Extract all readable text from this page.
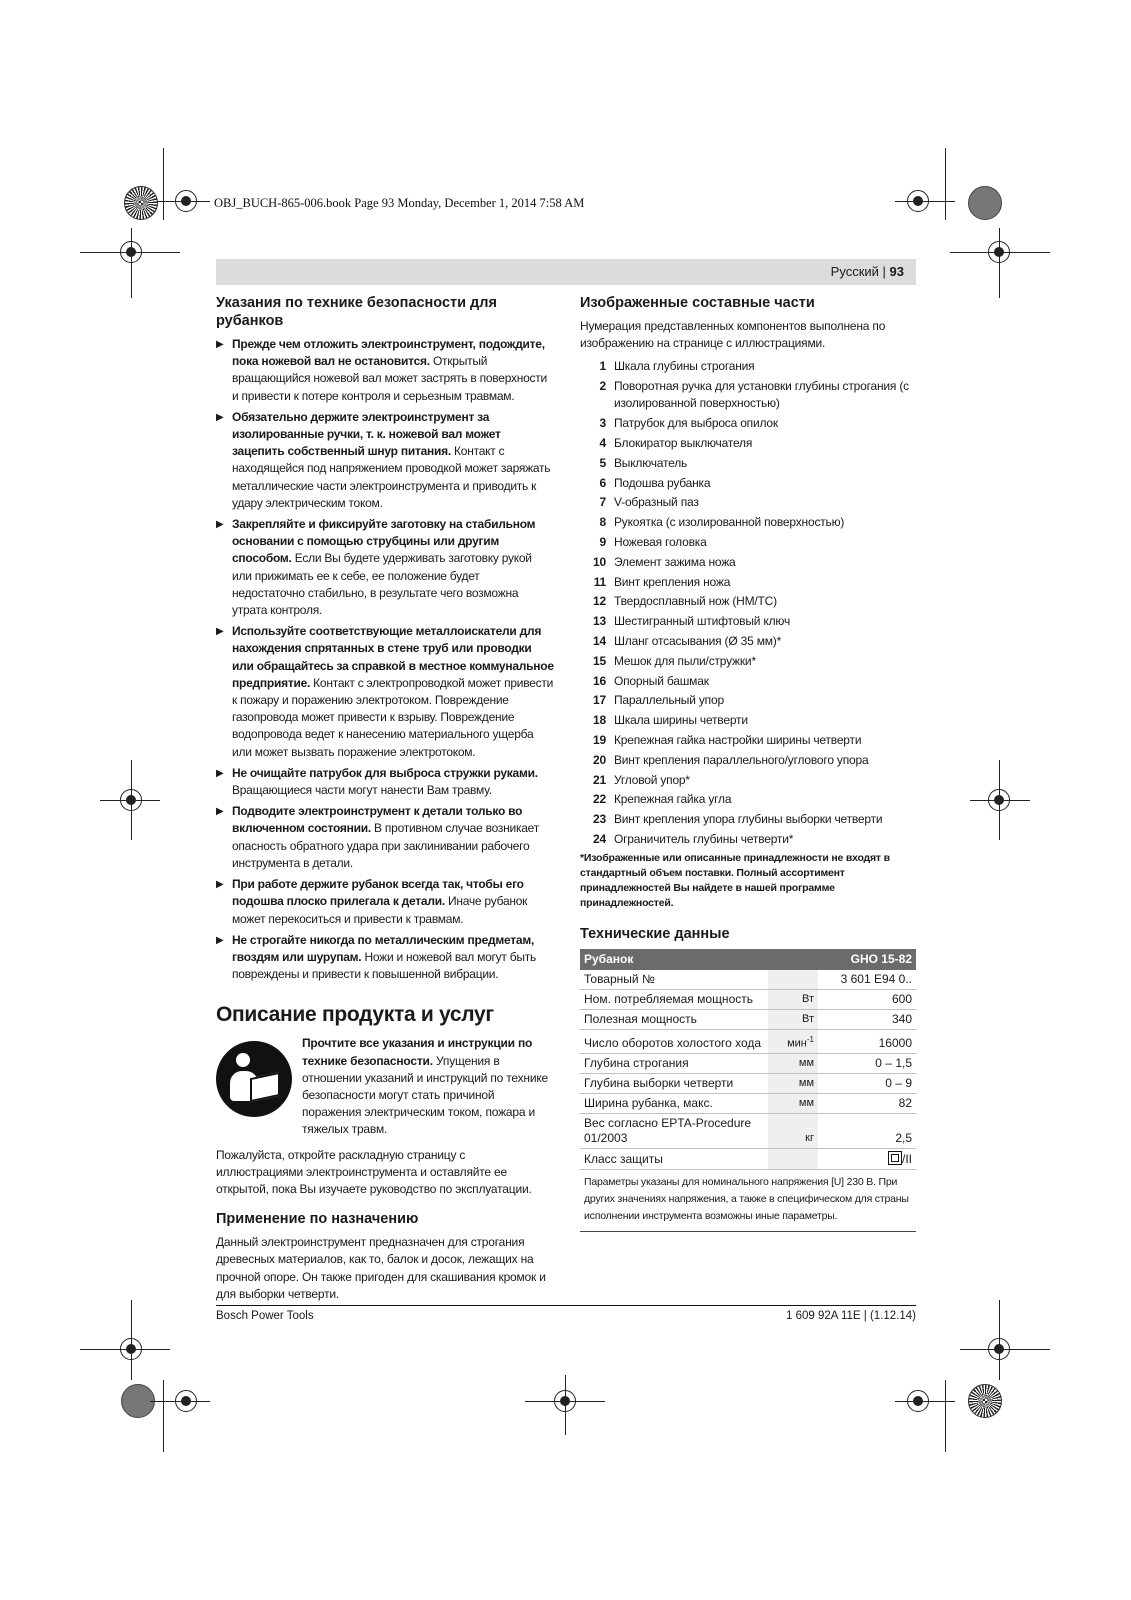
OBJ_BUCH-865-006.book Page 93 Monday, December 1, 2014 7:58 AM
Русский | 93
Указания по технике безопасности для рубанков
▶ Прежде чем отложить электроинструмент, подождите, пока ножевой вал не остановится. Открытый вращающийся ножевой вал может застрять в поверхности и привести к потере контроля и серьезным травмам.
▶ Обязательно держите электроинструмент за изолированные ручки, т. к. ножевой вал может зацепить собственный шнур питания. Контакт с находящейся под напряжением проводкой может заряжать металлические части электроинструмента и приводить к удару электрическим током.
▶ Закрепляйте и фиксируйте заготовку на стабильном основании с помощью струбцины или другим способом. Если Вы будете удерживать заготовку рукой или прижимать ее к себе, ее положение будет недостаточно стабильно, в результате чего возможна утрата контроля.
▶ Используйте соответствующие металлоискатели для нахождения спрятанных в стене труб или проводки или обращайтесь за справкой в местное коммунальное предприятие. Контакт с электропроводкой может привести к пожару и поражению электротоком. Повреждение газопровода может привести к взрыву. Повреждение водопровода ведет к нанесению материального ущерба или может вызвать поражение электротоком.
▶ Не очищайте патрубок для выброса стружки руками. Вращающиеся части могут нанести Вам травму.
▶ Подводите электроинструмент к детали только во включенном состоянии. В противном случае возникает опасность обратного удара при заклинивании рабочего инструмента в детали.
▶ При работе держите рубанок всегда так, чтобы его подошва плоско прилегала к детали. Иначе рубанок может перекоситься и привести к травмам.
▶ Не строгайте никогда по металлическим предметам, гвоздям или шурупам. Ножи и ножевой вал могут быть повреждены и привести к повышенной вибрации.
Описание продукта и услуг

Прочтите все указания и инструкции по технике безопасности. Упущения в отношении указаний и инструкций по технике безопасности могут стать причиной поражения электрическим током, пожара и тяжелых травм.

Пожалуйста, откройте раскладную страницу с иллюстрациями электроинструмента и оставляйте ее открытой, пока Вы изучаете руководство по эксплуатации.

Применение по назначению

Данный электроинструмент предназначен для строгания древесных материалов, как то, балок и досок, лежащих на прочной опоре. Он также пригоден для скашивания кромок и для выборки четверти.

Изображенные составные части

Нумерация представленных компонентов выполнена по изображению на странице с иллюстрациями.

1 Шкала глубины строгания
2 Поворотная ручка для установки глубины строгания (с изолированной поверхностью)
3 Патрубок для выброса опилок
4 Блокиратор выключателя
5 Выключатель
6 Подошва рубанка
7 V-образный паз
8 Рукоятка (с изолированной поверхностью)
9 Ножевая головка
10 Элемент зажима ножа
11 Винт крепления ножа
12 Твердосплавный нож (HM/TC)
13 Шестигранный штифтовый ключ
14 Шланг отсасывания (Ø 35 мм)*
15 Мешок для пыли/стружки*
16 Опорный башмак
17 Параллельный упор
18 Шкала ширины четверти
19 Крепежная гайка настройки ширины четверти
20 Винт крепления параллельного/углового упора
21 Угловой упор*
22 Крепежная гайка угла
23 Винт крепления упора глубины выборки четверти
24 Ограничитель глубины четверти*

*Изображенные или описанные принадлежности не входят в стандартный объем поставки. Полный ассортимент принадлежностей Вы найдете в нашей программе принадлежностей.

Технические данные
Рубанок		GHO 15-82
Товарный №		3 601 E94 0..
Ном. потребляемая мощность	Вт	600
Полезная мощность	Вт	340
Число оборотов холостого хода	мин$^{-1}$	16000
Глубина строгания	мм	0 – 1,5
Глубина выборки четверти	мм	0 – 9
Ширина рубанка, макс.	мм	82
Вес согласно EPTA-Procedure 01/2003	кг	2,5
Класс защиты		/II
Параметры указаны для номинального напряжения [U] 230 В. При других значениях напряжения, а также в специфическом для страны исполнении инструмента возможны иные параметры.
Bosch Power Tools	1 609 92A 11E | (1.12.14)
